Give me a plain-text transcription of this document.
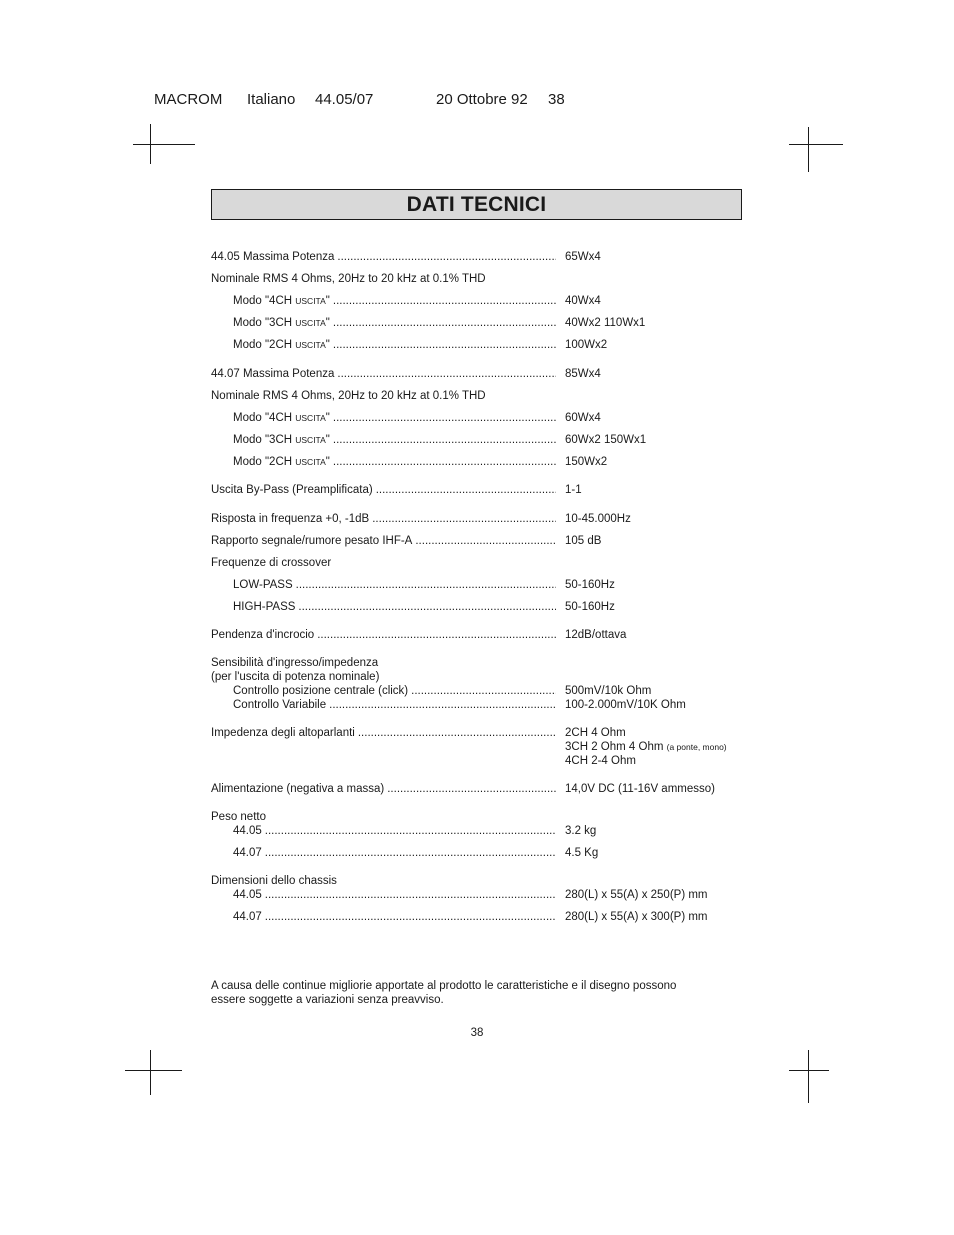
MACROM Italiano 44.05/07	20 Ottobre 92 38
DATI TECNICI
44.05 Massima Potenza .....	65Wx4
Nominale RMS 4 Ohms, 20Hz to 20 kHz at 0.1% THD
Modo "4CH USCITA" .....	40Wx4
Modo "3CH USCITA" .....	40Wx2 110Wx1
Modo "2CH USCITA" .....	100Wx2
44.07 Massima Potenza .....	85Wx4
Nominale RMS 4 Ohms, 20Hz to 20 kHz at 0.1% THD
Modo "4CH USCITA" .....	60Wx4
Modo "3CH USCITA" .....	60Wx2 150Wx1
Modo "2CH USCITA" .....	150Wx2
Uscita By-Pass (Preamplificata) .....	1-1
Risposta in frequenza +0, -1dB .....	10-45.000Hz
Rapporto segnale/rumore pesato IHF-A .....	105 dB
Frequenze di crossover
LOW-PASS .....	50-160Hz
HIGH-PASS .....	50-160Hz
Pendenza d'incrocio .....	12dB/ottava
Sensibilità d'ingresso/impedenza
(per l'uscita di potenza nominale)
Controllo posizione centrale (click) .....	500mV/10k Ohm
Controllo Variabile .....	100-2.000mV/10K Ohm
Impedenza degli altoparlanti .....	2CH 4 Ohm
3CH 2 Ohm 4 Ohm (a ponte, mono)
4CH 2-4 Ohm
Alimentazione (negativa a massa) .....	14,0V DC (11-16V ammesso)
Peso netto
44.05 .....	3.2 kg
44.07 .....	4.5 Kg
Dimensioni dello chassis
44.05 .....	280(L) x 55(A) x 250(P) mm
44.07 .....	280(L) x 55(A) x 300(P) mm
A causa delle continue migliorie apportate al prodotto le caratteristiche e il disegno possono
essere soggette a variazioni senza preavviso.
38
